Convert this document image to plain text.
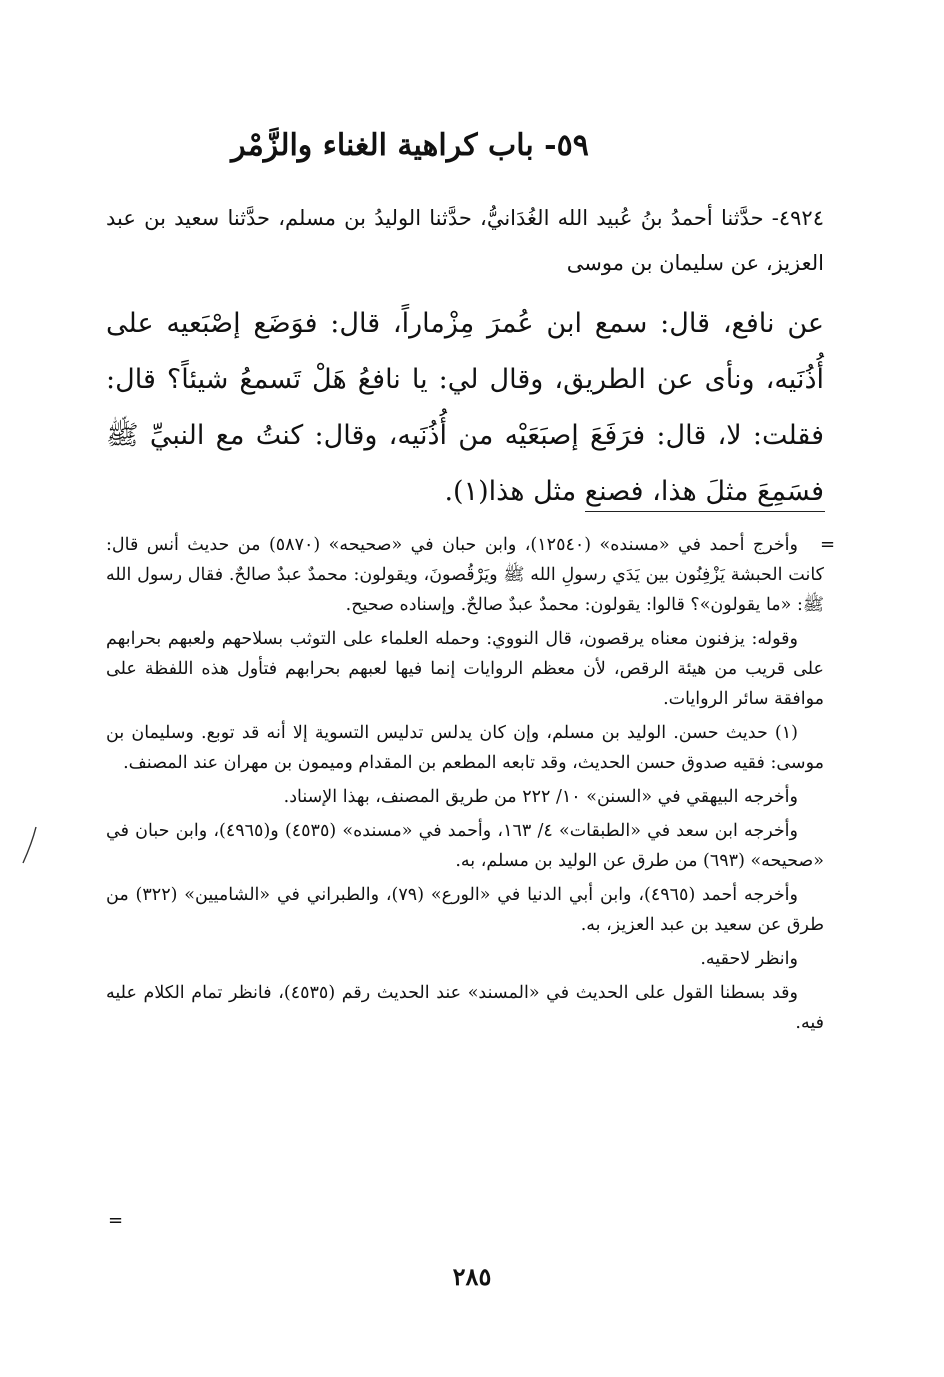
٥٩- باب كراهية الغناء والزَّمْر
٤٩٢٤- حدَّثنا أحمدُ بنُ عُبيد الله الغُدَانيُّ، حدَّثنا الوليدُ بن مسلم، حدَّثنا سعيد بن عبد العزيز، عن سليمان بن موسى
عن نافع، قال: سمع ابن عُمرَ مِزْماراً، قال: فوَضَع إصْبَعيه على أُذُنَيه، ونأى عن الطريق، وقال لي: يا نافعُ هَلْ تَسمعُ شيئاً؟ قال: فقلت: لا، قال: فرَفَعَ إصبَعَيْه من أُذُنَيه، وقال: كنتُ مع النبيِّ ﷺ فسَمِعَ مثلَ هذا، فصنع مثل هذا(١).
=

وأخرج أحمد في «مسنده» (١٢٥٤٠)، وابن حبان في «صحيحه» (٥٨٧٠) من حديث أنس قال: كانت الحبشة يَزْفِنُون بين يَدَي رسولِ الله ﷺ ويَرْقُصونَ، ويقولون: محمدٌ عبدٌ صالحٌ. فقال رسول الله ﷺ: «ما يقولون»؟ قالوا: يقولون: محمدٌ عبدٌ صالحٌ. وإسناده صحيح.

وقوله: يزفنون معناه يرقصون، قال النووي: وحمله العلماء على التوثب بسلاحهم ولعبهم بحرابهم على قريب من هيئة الرقص، لأن معظم الروايات إنما فيها لعبهم بحرابهم فتأول هذه اللفظة على موافقة سائر الروايات.

(١) حديث حسن. الوليد بن مسلم، وإن كان يدلس تدليس التسوية إلا أنه قد توبع. وسليمان بن موسى: فقيه صدوق حسن الحديث، وقد تابعه المطعم بن المقدام وميمون بن مهران عند المصنف.

وأخرجه البيهقي في «السنن» ١٠/ ٢٢٢ من طريق المصنف، بهذا الإسناد.

وأخرجه ابن سعد في «الطبقات» ٤/ ١٦٣، وأحمد في «مسنده» (٤٥٣٥) و(٤٩٦٥)، وابن حبان في «صحيحه» (٦٩٣) من طرق عن الوليد بن مسلم، به.

وأخرجه أحمد (٤٩٦٥)، وابن أبي الدنيا في «الورع» (٧٩)، والطبراني في «الشاميين» (٣٢٢) من طرق عن سعيد بن عبد العزيز، به.

وانظر لاحقيه.

وقد بسطنا القول على الحديث في «المسند» عند الحديث رقم (٤٥٣٥)، فانظر تمام الكلام عليه فيه.

=
٢٨٥
